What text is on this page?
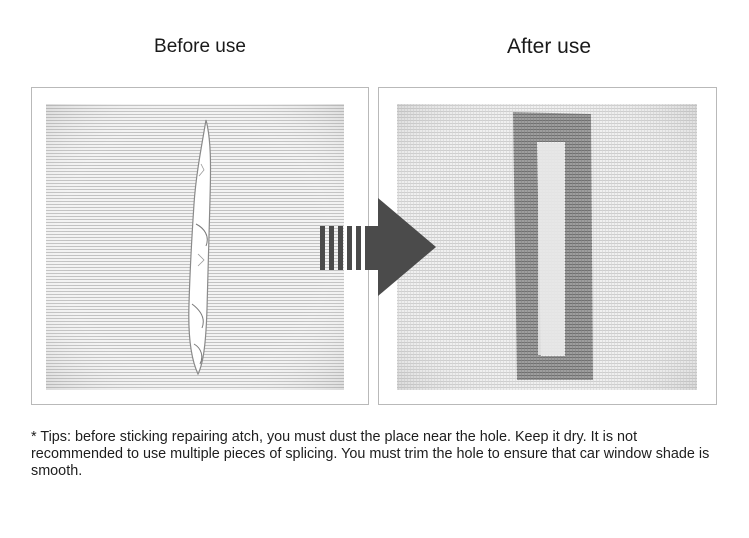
Before use	After use
* Tips: before sticking repairing atch, you must dust the place near the hole. Keep it dry. It is not recommended to use multiple pieces of splicing. You must trim the hole to ensure that car window shade is smooth.
